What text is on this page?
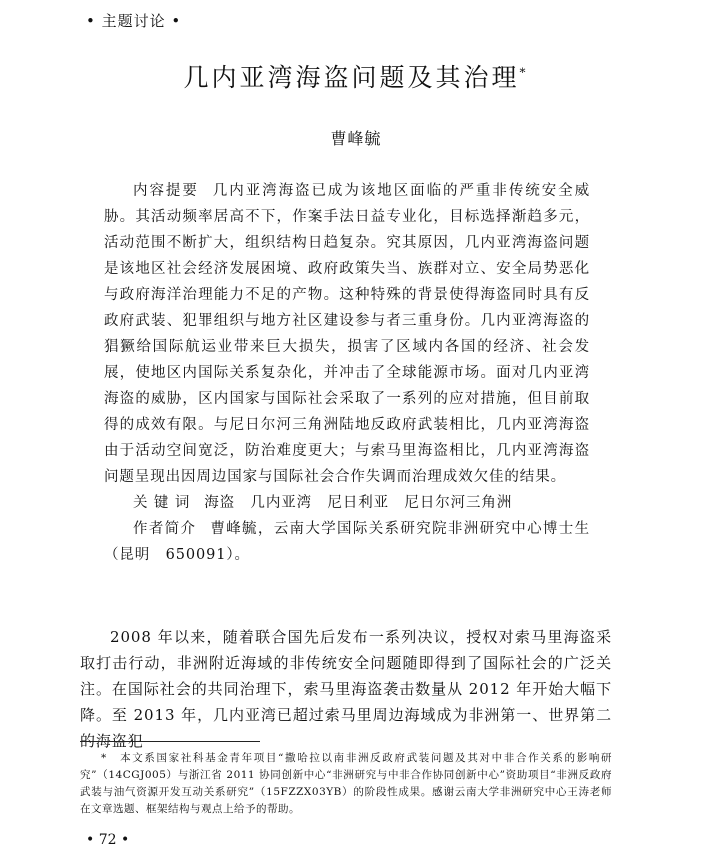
• 主题讨论 •
几内亚湾海盗问题及其治理*
曹峰毓

内容提要 几内亚湾海盗已成为该地区面临的严重非传统安全威胁。其活动频率居高不下，作案手法日益专业化，目标选择渐趋多元，活动范围不断扩大，组织结构日趋复杂。究其原因，几内亚湾海盗问题是该地区社会经济发展困境、政府政策失当、族群对立、安全局势恶化与政府海洋治理能力不足的产物。这种特殊的背景使得海盗同时具有反政府武装、犯罪组织与地方社区建设参与者三重身份。几内亚湾海盗的猖獗给国际航运业带来巨大损失，损害了区域内各国的经济、社会发展，使地区内国际关系复杂化，并冲击了全球能源市场。面对几内亚湾海盗的威胁，区内国家与国际社会采取了一系列的应对措施，但目前取得的成效有限。与尼日尔河三角洲陆地反政府武装相比，几内亚湾海盗由于活动空间宽泛，防治难度更大；与索马里海盗相比，几内亚湾海盗问题呈现出因周边国家与国际社会合作失调而治理成效欠佳的结果。

关 键 词 海盗　几内亚湾　尼日利亚　尼日尔河三角洲

作者简介 曹峰毓，云南大学国际关系研究院非洲研究中心博士生（昆明　650091）。

2008 年以来，随着联合国先后发布一系列决议，授权对索马里海盗采取打击行动，非洲附近海域的非传统安全问题随即得到了国际社会的广泛关注。在国际社会的共同治理下，索马里海盗袭击数量从 2012 年开始大幅下降。至 2013 年，几内亚湾已超过索马里周边海域成为非洲第一、世界第二的海盗犯

*　 本文系国家社科基金青年项目“撒哈拉以南非洲反政府武装问题及其对中非合作关系的影响研究”（14CGJ005）与浙江省 2011 协同创新中心“非洲研究与中非合作协同创新中心”资助项目“非洲反政府武装与油气资源开发互动关系研究”（15FZZX03YB）的阶段性成果。感谢云南大学非洲研究中心王涛老师在文章选题、框架结构与观点上给予的帮助。

• 72 •
